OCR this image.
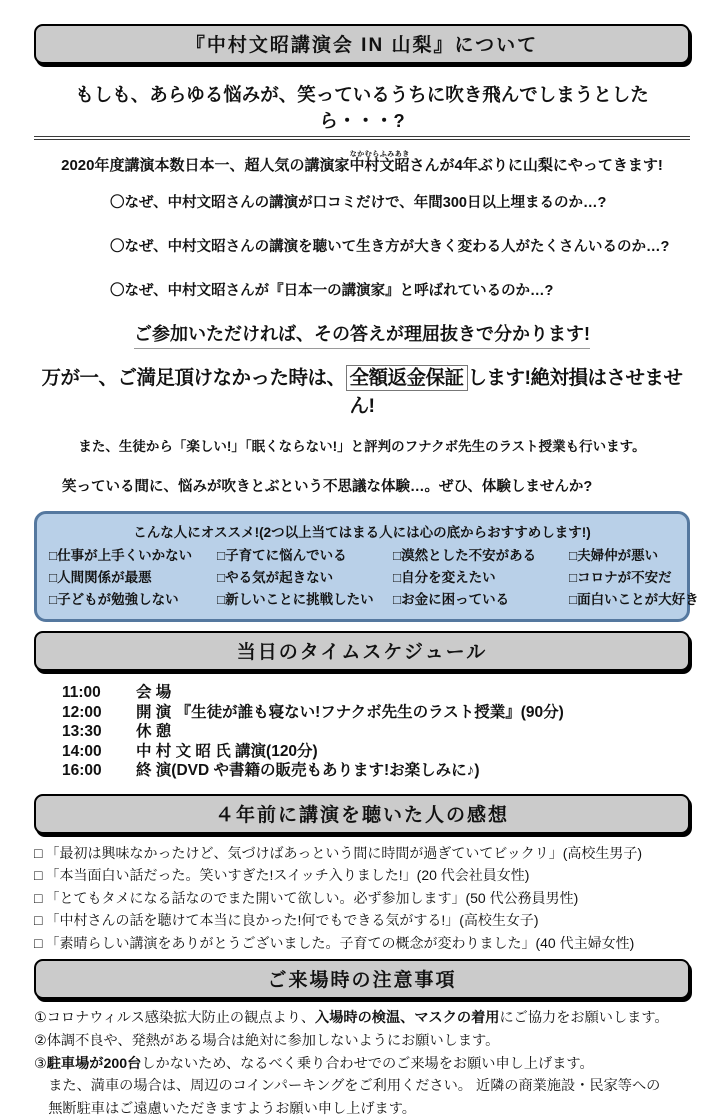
『中村文昭講演会 IN 山梨』について
もしも、あらゆる悩みが、笑っているうちに吹き飛んでしまうとしたら・・・?
2020年度講演本数日本一、超人気の講演家中村文昭なかむらふみあきさんが4年ぶりに山梨にやってきます!
〇なぜ、中村文昭さんの講演が口コミだけで、年間300日以上埋まるのか…?
〇なぜ、中村文昭さんの講演を聴いて生き方が大きく変わる人がたくさんいるのか…?
〇なぜ、中村文昭さんが『日本一の講演家』と呼ばれているのか…?
ご参加いただければ、その答えが理屈抜きで分かります!
万が一、ご満足頂けなかった時は、 全額返金保証 します!絶対損はさせません!
また、生徒から「楽しい!」「眠くならない!」と評判のフナクボ先生のラスト授業も行います。
笑っている間に、悩みが吹きとぶという不思議な体験…。ぜひ、体験しませんか?
こんな人にオススメ!(2つ以上当てはまる人には心の底からおすすめします!)
□仕事が上手くいかない	□子育てに悩んでいる	□漠然とした不安がある	□夫婦仲が悪い
□人間関係が最悪	□やる気が起きない	□自分を変えたい	□コロナが不安だ
□子どもが勉強しない	□新しいことに挑戦したい	□お金に困っている	□面白いことが大好き
当日のタイムスケジュール
11:00 会 場
12:00 開 演 『生徒が誰も寝ない!フナクボ先生のラスト授業』(90分)
13:30 休 憩
14:00 中 村 文 昭 氏 講演(120分)
16:00 終 演(DVD や書籍の販売もあります!お楽しみに♪)
４年前に講演を聴いた人の感想
□ 「最初は興味なかったけど、気づけばあっという間に時間が過ぎていてビックリ」(高校生男子)
□ 「本当面白い話だった。笑いすぎた!スイッチ入りました!」(20 代会社員女性)
□ 「とてもタメになる話なのでまた開いて欲しい。必ず参加します」(50 代公務員男性)
□ 「中村さんの話を聴けて本当に良かった!何でもできる気がする!」(高校生女子)
□ 「素晴らしい講演をありがとうございました。子育ての概念が変わりました」(40 代主婦女性)
ご来場時の注意事項
①コロナウィルス感染拡大防止の観点より、入場時の検温、マスクの着用にご協力をお願いします。
②体調不良や、発熱がある場合は絶対に参加しないようにお願いします。
③駐車場が200台しかないため、なるべく乗り合わせでのご来場をお願い申し上げます。
　また、満車の場合は、周辺のコインパーキングをご利用ください。 近隣の商業施設・民家等への
　無断駐車はご遠慮いただきますようお願い申し上げます。
